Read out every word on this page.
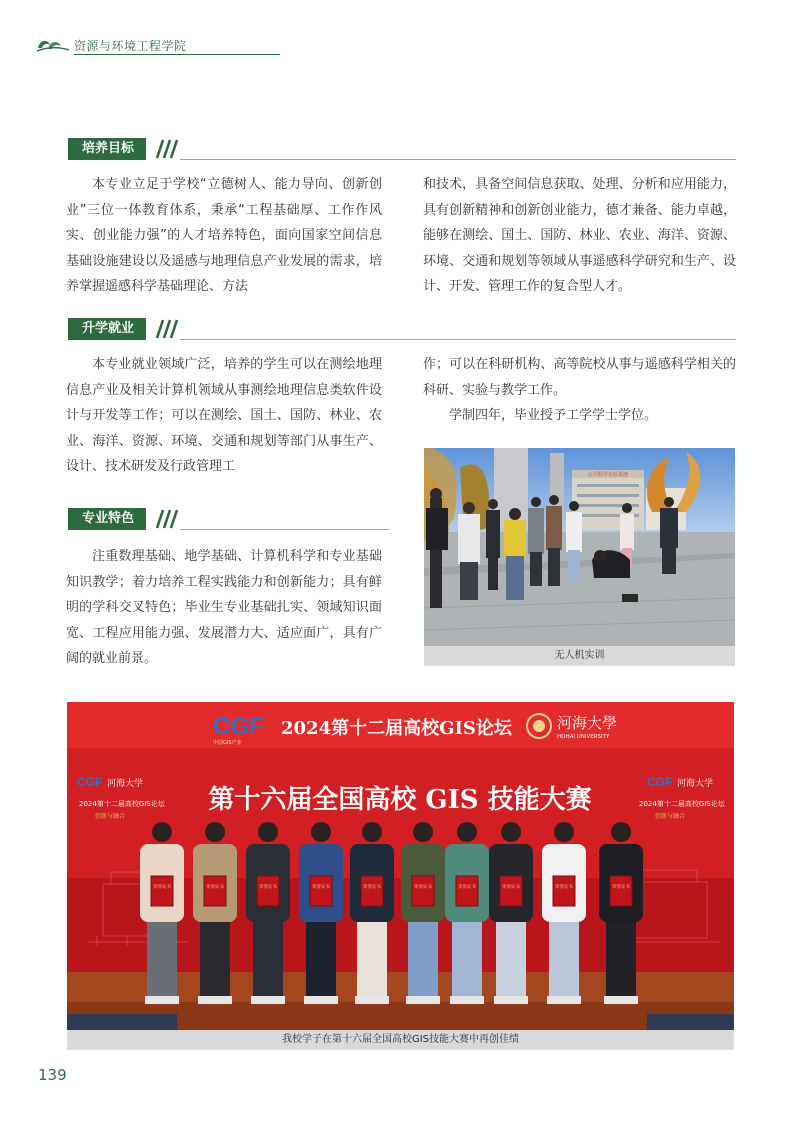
资源与环境工程学院
培养目标

本专业立足于学校“立德树人、能力导向、创新创业”三位一体教育体系，秉承“工程基础厚、工作作风实、创业能力强”的人才培养特色，面向国家空间信息基础设施建设以及遥感与地理信息产业发展的需求，培养掌握遥感科学基础理论、方法

和技术，具备空间信息获取、处理、分析和应用能力，具有创新精神和创新创业能力，德才兼备、能力卓越，能够在测绘、国土、国防、林业、农业、海洋、资源、环境、交通和规划等领域从事遥感科学研究和生产、设计、开发、管理工作的复合型人才。

升学就业

本专业就业领域广泛，培养的学生可以在测绘地理信息产业及相关计算机领域从事测绘地理信息类软件设计与开发等工作；可以在测绘、国土、国防、林业、农业、海洋、资源、环境、交通和规划等部门从事生产、设计、技术研发及行政管理工

作；可以在科研机构、高等院校从事与遥感科学相关的科研、实验与教学工作。

学制四年，毕业授予工学学士学位。

公共科学实验基地
无人机实训
专业特色

注重数理基础、地学基础、计算机科学和专业基础知识教学；着力培养工程实践能力和创新能力；具有鲜明的学科交叉特色；毕业生专业基础扎实、领域知识面宽、工程应用能力强、发展潜力大、适应面广，具有广阔的就业前景。

CGF
中国GIS产业
2024第十二届高校GIS论坛	河海大學
HOHAI UNIVERSITY
第十六届全国高校 GIS 技能大赛
CGF 河海大学
2024第十二届高校GIS论坛
创新与融合
CGF 河海大学
2024第十二届高校GIS论坛
创新与融合
荣誉证书	荣誉证书	荣誉证书	荣誉证书	荣誉证书	荣誉证书	荣誉证书	荣誉证书	荣誉证书	荣誉证书
我校学子在第十六届全国高校GIS技能大赛中再创佳绩
139
